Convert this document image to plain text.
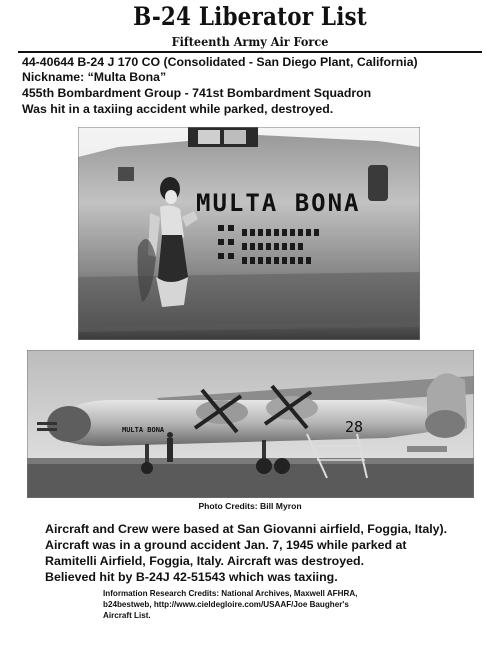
B-24 Liberator List
Fifteenth Army Air Force
44-40644 B-24 J 170 CO (Consolidated - San Diego Plant, California)
Nickname: “Multa Bona”
455th Bombardment Group - 741st Bombardment Squadron
Was hit in a taxiing accident while parked, destroyed.
MULTA BONA
28
MULTA BONA
Photo Credits: Bill Myron
Aircraft and Crew were based at San Giovanni airfield, Foggia, Italy).
Aircraft was in a ground accident Jan. 7, 1945 while parked at
Ramitelli Airfield, Foggia, Italy. Aircraft was destroyed.
Believed hit by B-24J 42-51543 which was taxiing.
Information Research Credits: National Archives, Maxwell AFHRA,
b24bestweb, http://www.cieldegloire.com/USAAF/Joe Baugher's
Aircraft List.
